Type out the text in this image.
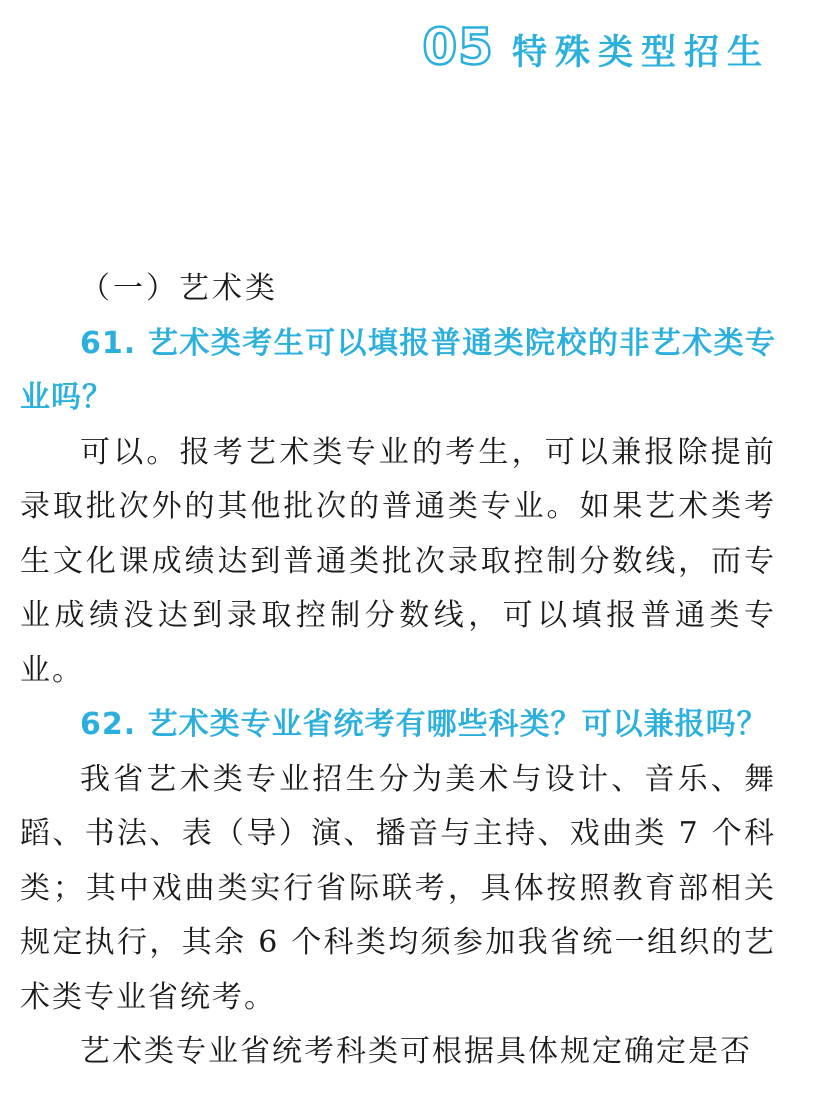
05 特殊类型招生

（一）艺术类

61. 艺术类考生可以填报普通类院校的非艺术类专业吗？

可以。报考艺术类专业的考生，可以兼报除提前录取批次外的其他批次的普通类专业。如果艺术类考生文化课成绩达到普通类批次录取控制分数线，而专业成绩没达到录取控制分数线，可以填报普通类专业。

62. 艺术类专业省统考有哪些科类？可以兼报吗？

我省艺术类专业招生分为美术与设计、音乐、舞蹈、书法、表（导）演、播音与主持、戏曲类 7 个科类；其中戏曲类实行省际联考，具体按照教育部相关规定执行，其余 6 个科类均须参加我省统一组织的艺术类专业省统考。

艺术类专业省统考科类可根据具体规定确定是否
